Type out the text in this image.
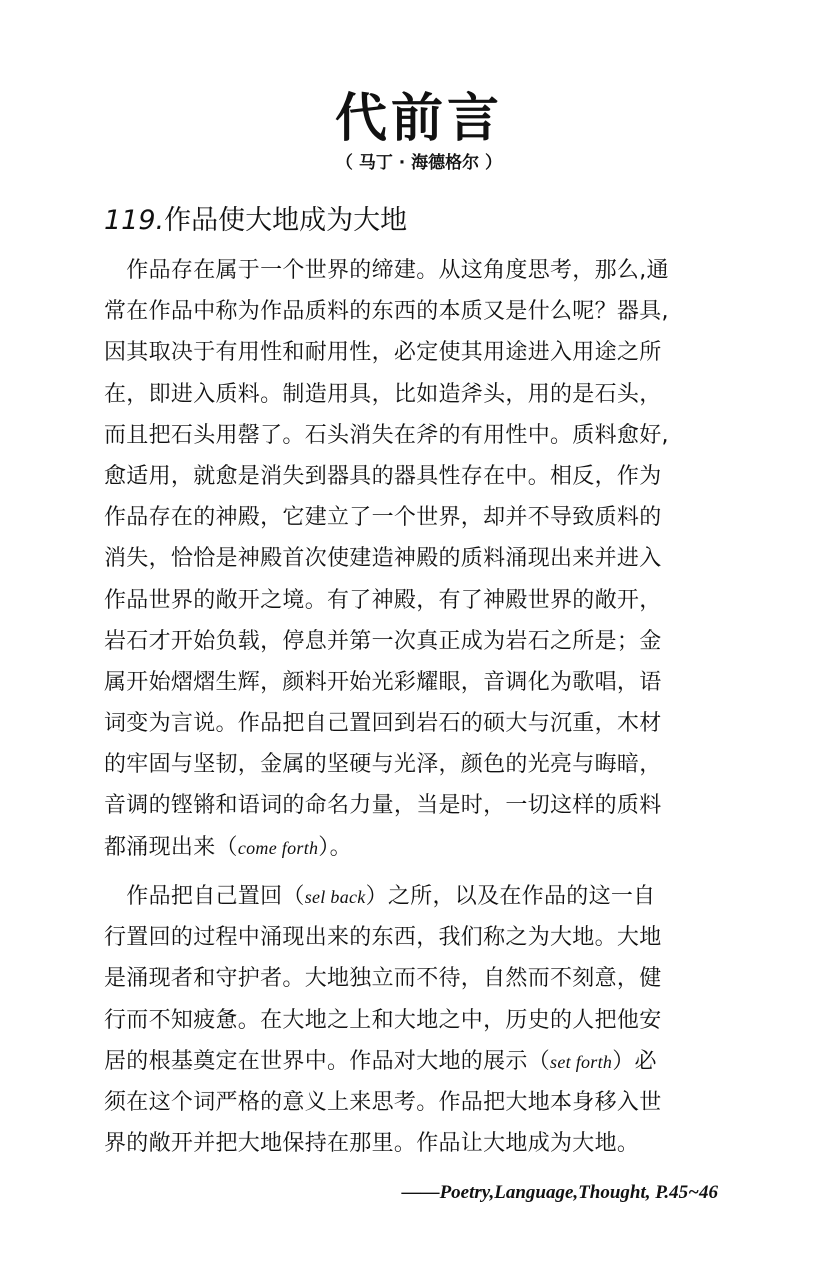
代前言
（ 马丁 · 海德格尔 ）
119.作品使大地成为大地
　作品存在属于一个世界的缔建。从这角度思考，那么,通
常在作品中称为作品质料的东西的本质又是什么呢？器具,
因其取决于有用性和耐用性，必定使其用途进入用途之所
在，即进入质料。制造用具，比如造斧头，用的是石头，
而且把石头用罄了。石头消失在斧的有用性中。质料愈好,
愈适用，就愈是消失到器具的器具性存在中。相反，作为
作品存在的神殿，它建立了一个世界，却并不导致质料的
消失，恰恰是神殿首次使建造神殿的质料涌现出来并进入
作品世界的敞开之境。有了神殿，有了神殿世界的敞开，
岩石才开始负载，停息并第一次真正成为岩石之所是；金
属开始熠熠生辉，颜料开始光彩耀眼，音调化为歌唱，语
词变为言说。作品把自己置回到岩石的硕大与沉重，木材
的牢固与坚韧，金属的坚硬与光泽，颜色的光亮与晦暗，
音调的铿锵和语词的命名力量，当是时，一切这样的质料
都涌现出来（come forth）。
　作品把自己置回（sel back）之所，以及在作品的这一自
行置回的过程中涌现出来的东西，我们称之为大地。大地
是涌现者和守护者。大地独立而不待，自然而不刻意，健
行而不知疲惫。在大地之上和大地之中，历史的人把他安
居的根基奠定在世界中。作品对大地的展示（set forth）必
须在这个词严格的意义上来思考。作品把大地本身移入世
界的敞开并把大地保持在那里。作品让大地成为大地。
——Poetry,Language,Thought, P.45~46
